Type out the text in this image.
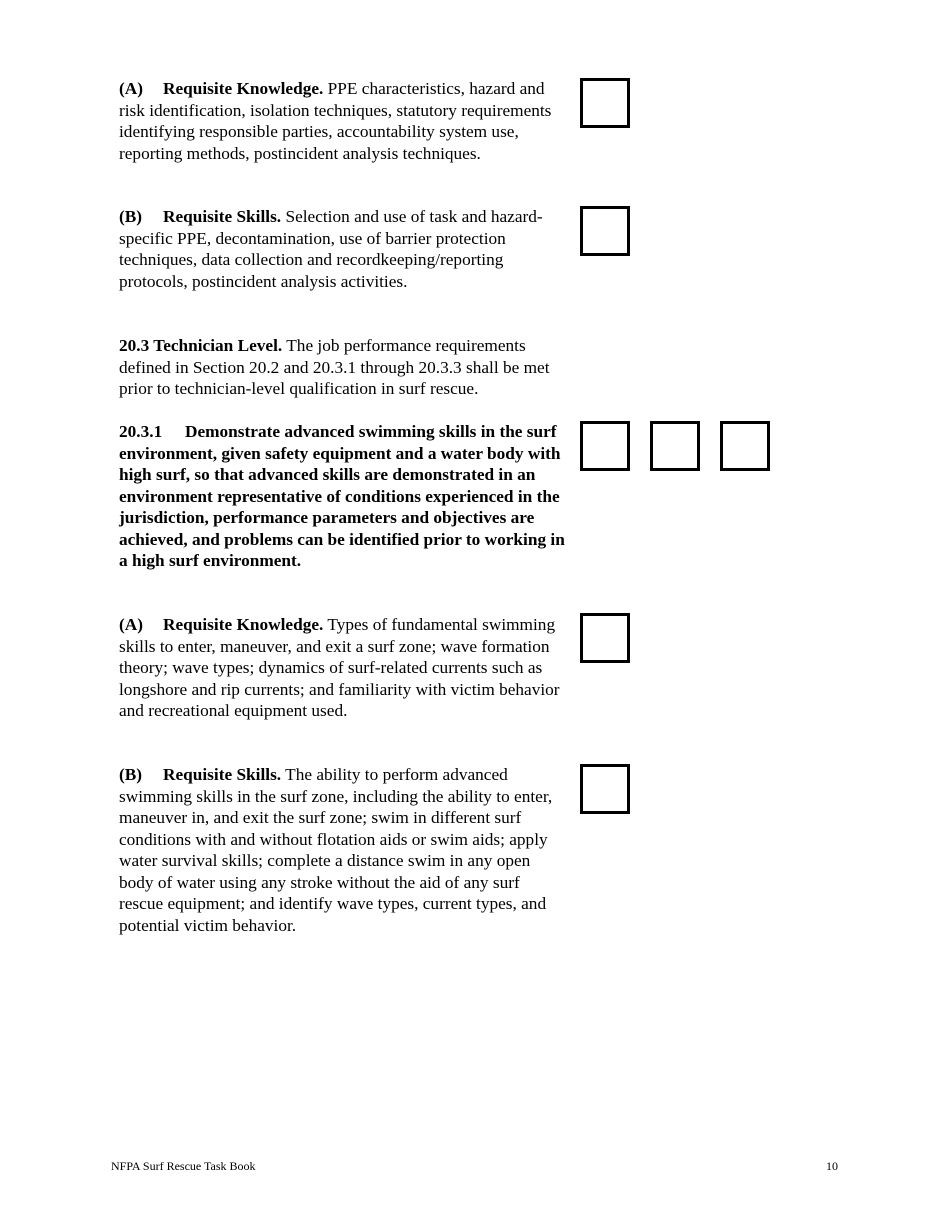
(A) Requisite Knowledge. PPE characteristics, hazard and risk identification, isolation techniques, statutory requirements identifying responsible parties, accountability system use, reporting methods, postincident analysis techniques.

(B) Requisite Skills. Selection and use of task and hazard-specific PPE, decontamination, use of barrier protection techniques, data collection and recordkeeping/reporting protocols, postincident analysis activities.

20.3 Technician Level. The job performance requirements defined in Section 20.2 and 20.3.1 through 20.3.3 shall be met prior to technician-level qualification in surf rescue.

20.3.1 Demonstrate advanced swimming skills in the surf environment, given safety equipment and a water body with high surf, so that advanced skills are demonstrated in an environment representative of conditions experienced in the jurisdiction, performance parameters and objectives are achieved, and problems can be identified prior to working in a high surf environment.

(A) Requisite Knowledge. Types of fundamental swimming skills to enter, maneuver, and exit a surf zone; wave formation theory; wave types; dynamics of surf-related currents such as longshore and rip currents; and familiarity with victim behavior and recreational equipment used.

(B) Requisite Skills. The ability to perform advanced swimming skills in the surf zone, including the ability to enter, maneuver in, and exit the surf zone; swim in different surf conditions with and without flotation aids or swim aids; apply water survival skills; complete a distance swim in any open body of water using any stroke without the aid of any surf rescue equipment; and identify wave types, current types, and potential victim behavior.

NFPA Surf Rescue Task Book	10
